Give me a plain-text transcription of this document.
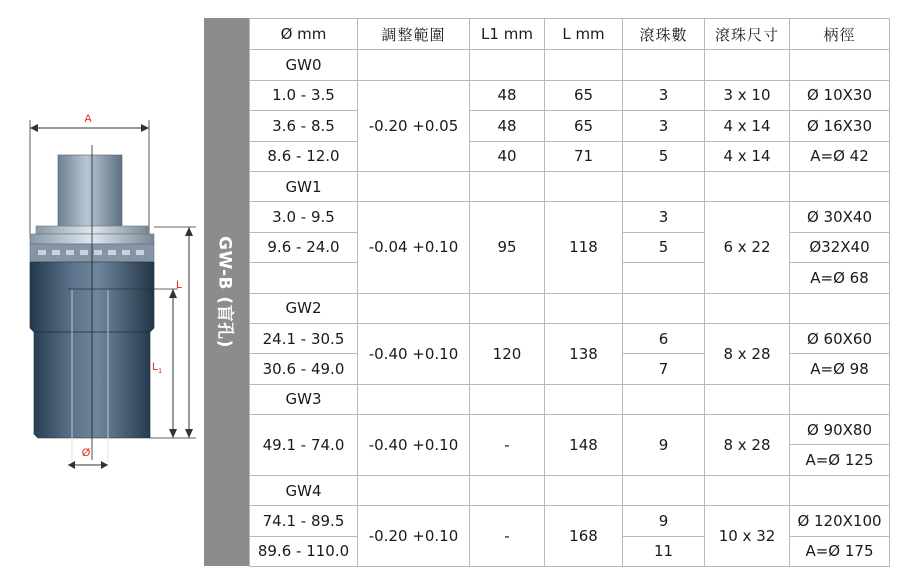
A
L
$L_1$
Ø
GW-B (盲孔)
Ø mm	調整範圍	L1 mm	L mm	滾珠數	滾珠尺寸	柄徑
GW0						
1.0 - 3.5	-0.20 +0.05	48	65	3	3 x 10	Ø 10X30
3.6 - 8.5		48	65	3	4 x 14	Ø 16X30
8.6 - 12.0		40	71	5	4 x 14	A=Ø 42
GW1						
3.0 - 9.5	-0.04 +0.10	95	118	3	6 x 22	Ø 30X40
9.6 - 24.0				5		Ø32X40
						A=Ø 68
GW2						
24.1 - 30.5	-0.40 +0.10	120	138	6	8 x 28	Ø 60X60
30.6 - 49.0				7		A=Ø 98
GW3						
49.1 - 74.0	-0.40 +0.10	-	148	9	8 x 28	Ø 90X80
						A=Ø 125
GW4						
74.1 - 89.5	-0.20 +0.10	-	168	9	10 x 32	Ø 120X100
89.6 - 110.0				11		A=Ø 175
